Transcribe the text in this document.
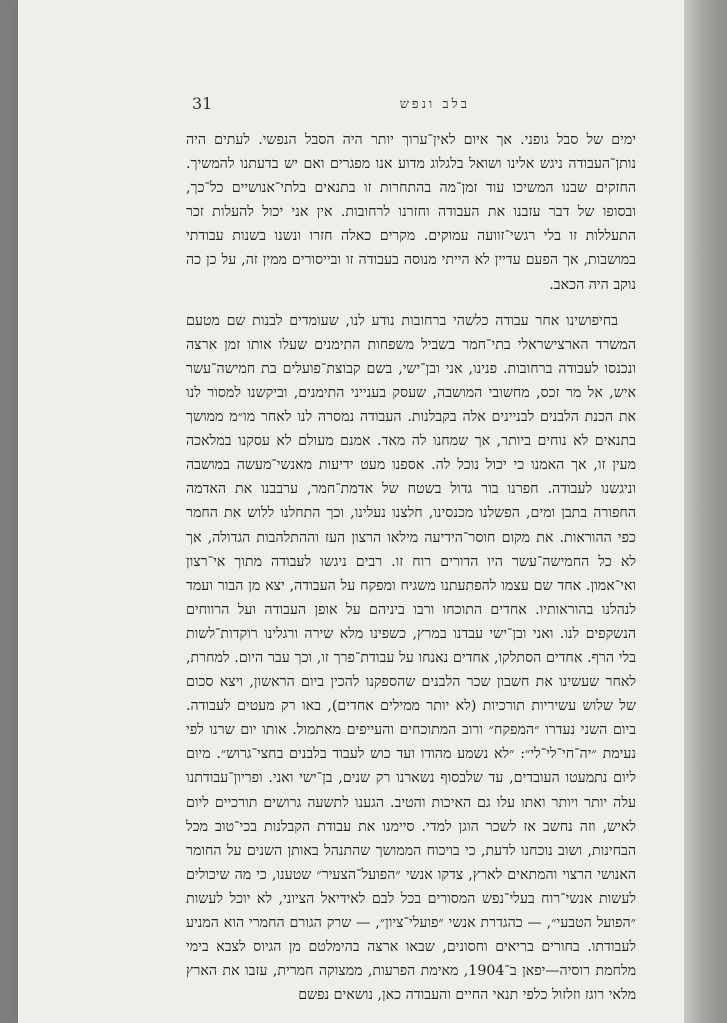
בלב ונפש
31

ימים של סבל גופני. אך איום לאין־ערוך יותר היה הסבל הנפשי. לעתים היה נותן־העבודה ניגש אלינו ושואל בלגלוג מדוע אנו מפגרים ואם יש בדעתנו להמשיך. החזקים שבנו המשיכו עוד זמן־מה בהתחרות זו בתנאים בלתי־אנושיים כל־כך, ובסופו של דבר עזבנו את העבודה וחזרנו לרחובות. אין אני יכול להעלות זכר התעללות זו בלי רגשי־זוועה עמוקים. מקרים כאלה חזרו ונשנו בשנות עבודתי במושבות, אך הפעם עדיין לא הייתי מנוסה בעבודה זו ובייסורים ממין זה, על כן כה נוקב היה הכאב.

בחיפושינו אחר עבודה כלשהי ברחובות נודע לנו, שעומדים לבנות שם מטעם המשרד הארצישראלי בתי־חמר בשביל משפחות התימנים שעלו אותו זמן ארצה ונכנסו לעבודה ברחובות. פנינו, אני ובן־ישי, בשם קבוצת־פועלים בת חמישה־עשר איש, אל מר זכס, מחשובי המושבה, שעסק בענייני התימנים, וביקשנו למסור לנו את הכנת הלבנים לבניינים אלה בקבלנות. העבודה נמסרה לנו לאחר מו״מ ממושך בתנאים לא נוחים ביותר, אך שמחנו לה מאד. אמנם מעולם לא עסקנו במלאכה מעין זו, אך האמנו כי יכול נוכל לה. אספנו מעט ידיעות מאנשי־מעשה במושבה וניגשנו לעבודה. חפרנו בור גדול בשטח של אדמת־חמר, ערבבנו את האדמה החפורה בתבן ומים, הפשלנו מכנסינו, חלצנו נעלינו, וכך התחלנו ללוש את החמר כפי ההוראות. את מקום חוסר־הידיעה מילאו הרצון העז וההתלהבות הגדולה, אך לא כל החמישה־עשר היו הדורים רוח זו. רבים ניגשו לעבודה מתוך אי־רצון ואי־אמון. אחד שם עצמו להפתעתנו משגיח ומפקח על העבודה, יצא מן הבור ועמד לנהלנו בהוראותיו. אחדים התוכחו ורבו ביניהם על אופן העבודה ועל הרווחים הנשקפים לנו. ואני ובן־ישי עבדנו במרץ, כשפינו מלא שירה ורגלינו רוקדות־לשות בלי הרף. אחדים הסתלקו, אחדים נאנחו על עבודת־פרך זו, וכך עבר היום. למחרת, לאחר שעשינו את חשבון שכר הלבנים שהספקנו להכין ביום הראשון, ויצא סכום של שלוש עשיריות תורכיות (לא יותר ממילים אחדים), באו רק מעטים לעבודה. ביום השני נעדרו ״המפקח״ ורוב המתוכחים והעייפים מאתמול. אותו יום שרנו לפי נעימת ״יה־חי־לי־לי״: ״לא נשמע מהודו ועד כוש לעבוד בלבנים בחצי־גרוש״. מיום ליום נתמעטו העובדים, עד שלבסוף נשארנו רק שנים, בן־ישי ואני. ופריון־עבודתנו עלה יותר ויותר ואתו עלו גם האיכות והטיב. הגענו לתשעה גרושים תורכיים ליום לאיש, וזה נחשב אז לשכר הוגן למדי. סיימנו את עבודת הקבלנות בכי־טוב מכל הבחינות, ושוב נוכחנו לדעת, כי בויכוח הממושך שהתנהל באותן השנים על החומר האנושי הרצוי והמתאים לארץ, צדקו אנשי ״הפועל־הצעיר״ שטענו, כי מה שיכולים לעשות אנשי־רוח בעלי־נפש המסורים בכל לבם לאידיאל הציוני, לא יוכל לעשות ״הפועל הטבעי״, — כהגדרת אנשי ״פועלי־ציון״, — שרק הגורם החמרי הוא המניע לעבודתו. בחורים בריאים וחסונים, שבאו ארצה בהימלטם מן הגיוס לצבא בימי מלחמת רוסיה—יפאן ב־1904, מאימת הפרעות, ממצוקה חמרית, עזבו את הארץ מלאי רוגז וזלזול כלפי תנאי החיים והעבודה כאן, נושאים נפשם
